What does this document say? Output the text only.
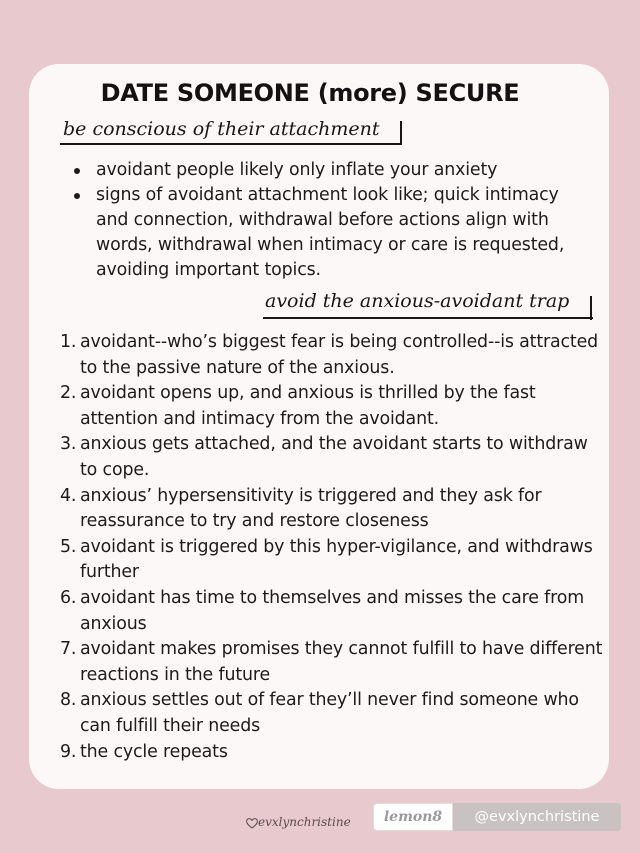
DATE SOMEONE (more) SECURE
be conscious of their attachment
avoidant people likely only inflate your anxiety
signs of avoidant attachment look like; quick intimacy and connection, withdrawal before actions align with words, withdrawal when intimacy or care is requested, avoiding important topics.
avoid the anxious-avoidant trap
1. avoidant--who’s biggest fear is being controlled--is attracted to the passive nature of the anxious.
2. avoidant opens up, and anxious is thrilled by the fast attention and intimacy from the avoidant.
3. anxious gets attached, and the avoidant starts to withdraw to cope.
4. anxious’ hypersensitivity is triggered and they ask for reassurance to try and restore closeness
5. avoidant is triggered by this hyper-vigilance, and withdraws further
6. avoidant has time to themselves and misses the care from anxious
7. avoidant makes promises they cannot fulfill to have different reactions in the future
8. anxious settles out of fear they’ll never find someone who can fulfill their needs
9. the cycle repeats
evxlynchristine	lemon8	@evxlynchristine
